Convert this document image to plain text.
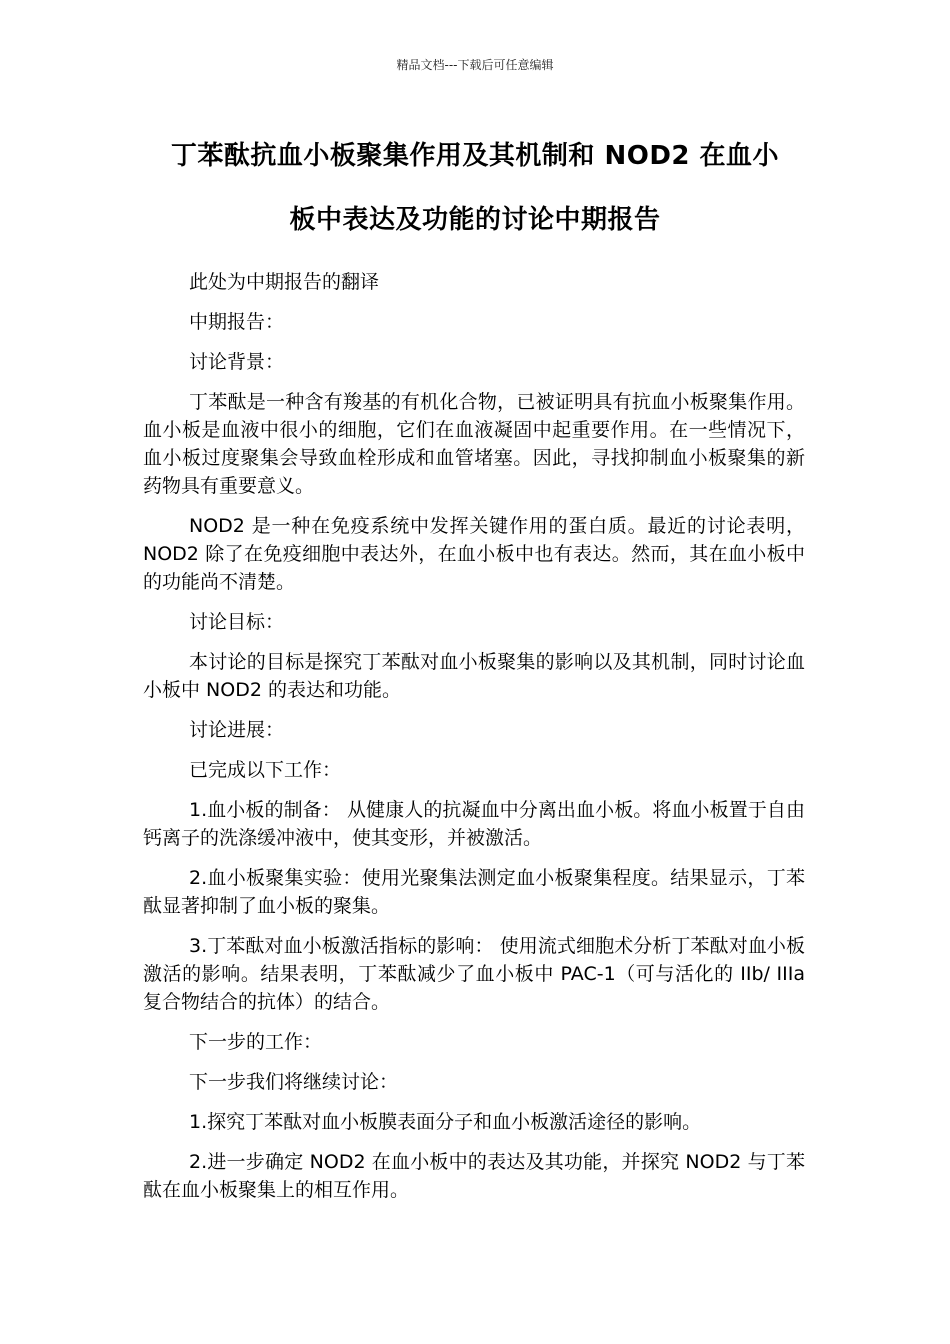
精品文档---下载后可任意编辑
丁苯酞抗血小板聚集作用及其机制和 NOD2 在血小
板中表达及功能的讨论中期报告

此处为中期报告的翻译

中期报告：

讨论背景：

丁苯酞是一种含有羧基的有机化合物，已被证明具有抗血小板聚集作用。血小板是血液中很小的细胞，它们在血液凝固中起重要作用。在一些情况下，血小板过度聚集会导致血栓形成和血管堵塞。因此，寻找抑制血小板聚集的新药物具有重要意义。

NOD2 是一种在免疫系统中发挥关键作用的蛋白质。最近的讨论表明，NOD2 除了在免疫细胞中表达外，在血小板中也有表达。然而，其在血小板中的功能尚不清楚。

讨论目标：

本讨论的目标是探究丁苯酞对血小板聚集的影响以及其机制，同时讨论血小板中 NOD2 的表达和功能。

讨论进展：

已完成以下工作：

1.血小板的制备： 从健康人的抗凝血中分离出血小板。将血小板置于自由钙离子的洗涤缓冲液中，使其变形，并被激活。

2.血小板聚集实验：使用光聚集法测定血小板聚集程度。结果显示，丁苯酞显著抑制了血小板的聚集。

3.丁苯酞对血小板激活指标的影响： 使用流式细胞术分析丁苯酞对血小板激活的影响。结果表明，丁苯酞减少了血小板中 PAC-1（可与活化的 IIb/ IIIa 复合物结合的抗体）的结合。

下一步的工作：

下一步我们将继续讨论：

1.探究丁苯酞对血小板膜表面分子和血小板激活途径的影响。

2.进一步确定 NOD2 在血小板中的表达及其功能，并探究 NOD2 与丁苯酞在血小板聚集上的相互作用。
